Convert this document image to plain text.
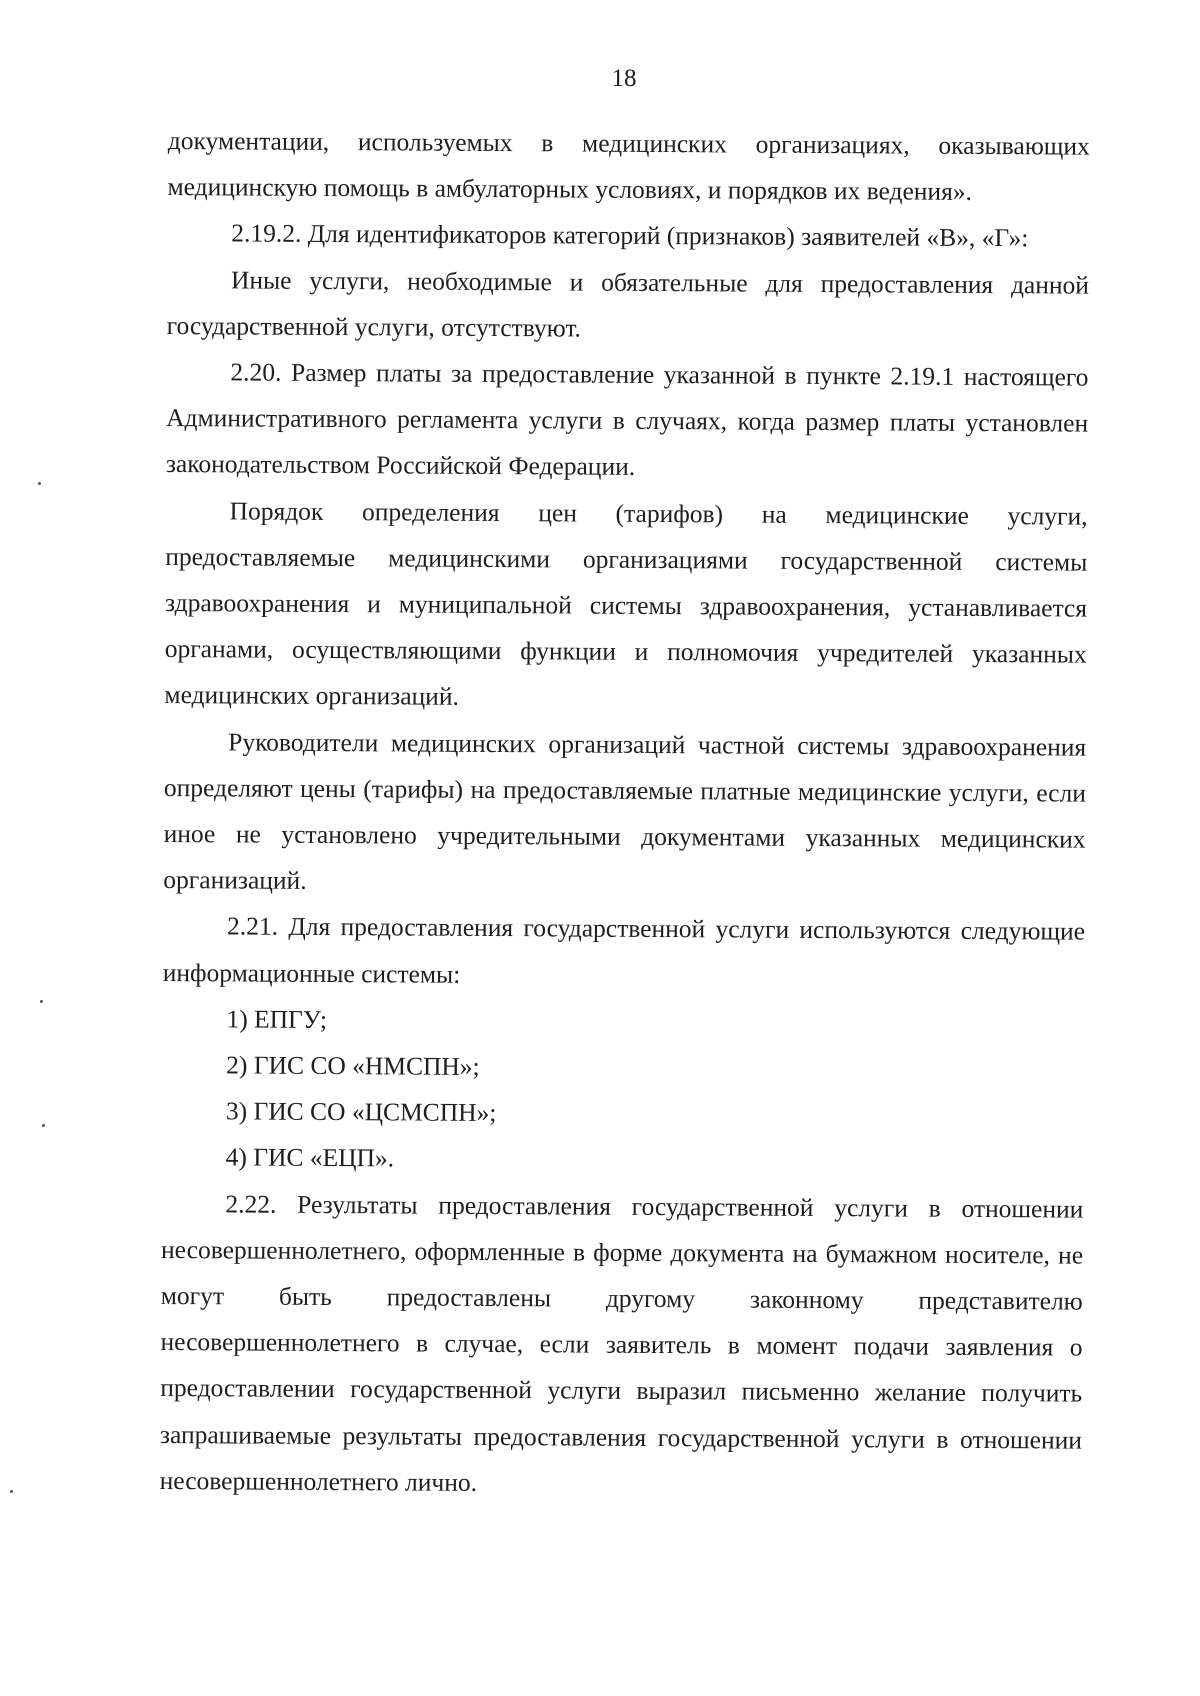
18

документации, используемых в медицинских организациях, оказывающих медицинскую помощь в амбулаторных условиях, и порядков их ведения».

2.19.2. Для идентификаторов категорий (признаков) заявителей «В», «Г»:

Иные услуги, необходимые и обязательные для предоставления данной государственной услуги, отсутствуют.

2.20. Размер платы за предоставление указанной в пункте 2.19.1 настоящего Административного регламента услуги в случаях, когда размер платы установлен законодательством Российской Федерации.

Порядок определения цен (тарифов) на медицинские услуги, предоставляемые медицинскими организациями государственной системы здравоохранения и муниципальной системы здравоохранения, устанавливается органами, осуществляющими функции и полномочия учредителей указанных медицинских организаций.

Руководители медицинских организаций частной системы здравоохранения определяют цены (тарифы) на предоставляемые платные медицинские услуги, если иное не установлено учредительными документами указанных медицинских организаций.

2.21. Для предоставления государственной услуги используются следующие информационные системы:

1) ЕПГУ;

2) ГИС СО «НМСПН»;

3) ГИС СО «ЦСМСПН»;

4) ГИС «ЕЦП».

2.22. Результаты предоставления государственной услуги в отношении несовершеннолетнего, оформленные в форме документа на бумажном носителе, не могут быть предоставлены другому законному представителю несовершеннолетнего в случае, если заявитель в момент подачи заявления о предоставлении государственной услуги выразил письменно желание получить запрашиваемые результаты предоставления государственной услуги в отношении несовершеннолетнего лично.
